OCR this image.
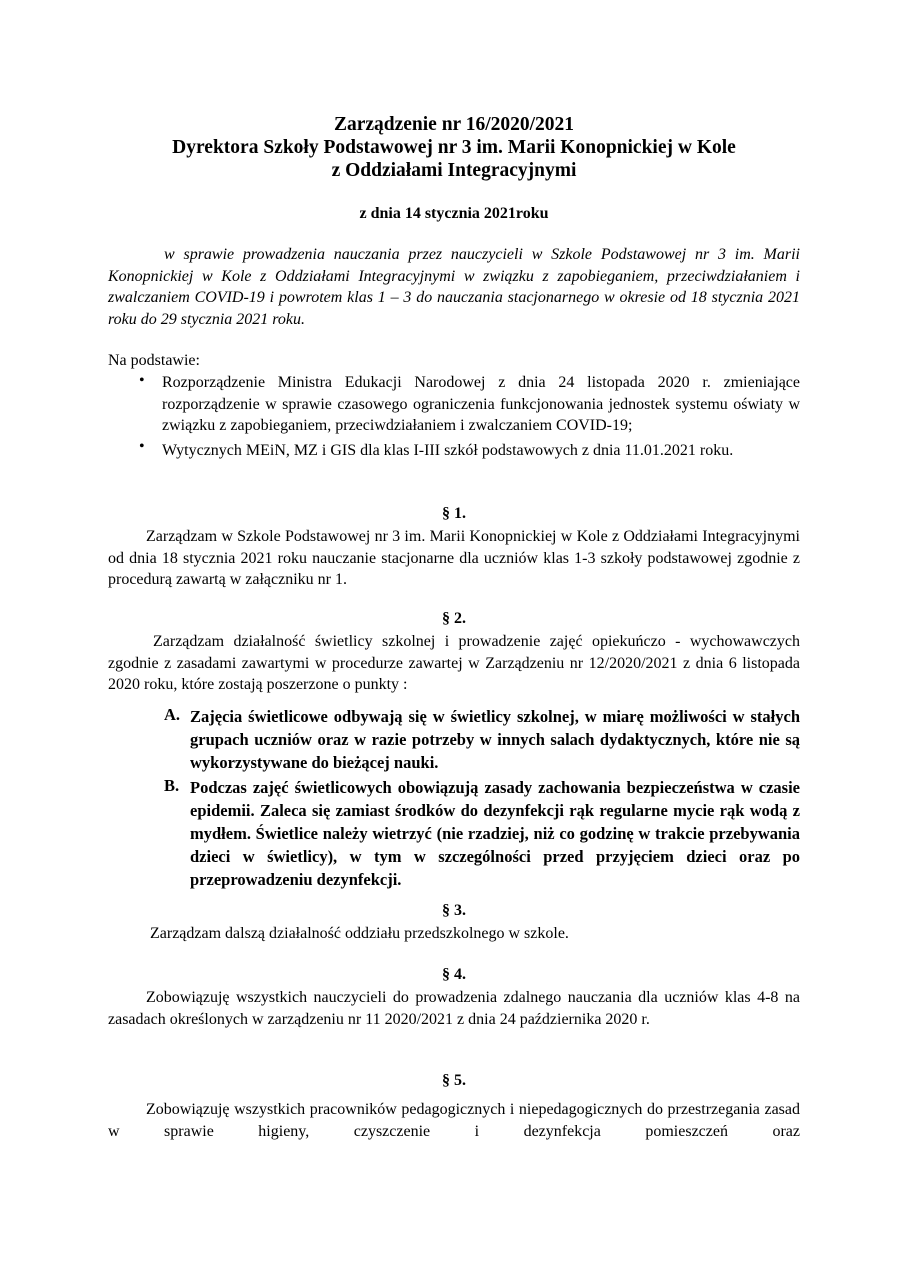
Zarządzenie nr 16/2020/2021
Dyrektora Szkoły Podstawowej nr 3 im. Marii Konopnickiej w Kole
z Oddziałami Integracyjnymi
z dnia 14 stycznia 2021roku
w sprawie prowadzenia nauczania przez nauczycieli w Szkole Podstawowej nr 3 im. Marii Konopnickiej w Kole z Oddziałami Integracyjnymi w związku z zapobieganiem, przeciwdziałaniem i zwalczaniem COVID-19 i powrotem klas 1 – 3 do nauczania stacjonarnego w okresie od 18 stycznia 2021 roku do 29 stycznia 2021 roku.
Na podstawie:
• Rozporządzenie Ministra Edukacji Narodowej z dnia 24 listopada 2020 r. zmieniające rozporządzenie w sprawie czasowego ograniczenia funkcjonowania jednostek systemu oświaty w związku z zapobieganiem, przeciwdziałaniem i zwalczaniem COVID-19;
• Wytycznych MEiN, MZ i GIS dla klas I-III szkół podstawowych z dnia 11.01.2021 roku.
§ 1.
Zarządzam w Szkole Podstawowej nr 3 im. Marii Konopnickiej w Kole z Oddziałami Integracyjnymi od dnia 18 stycznia 2021 roku nauczanie stacjonarne dla uczniów klas 1-3 szkoły podstawowej zgodnie z procedurą zawartą w załączniku nr 1.
§ 2.
Zarządzam działalność świetlicy szkolnej i prowadzenie zajęć opiekuńczo - wychowawczych zgodnie z zasadami zawartymi w procedurze zawartej w Zarządzeniu nr 12/2020/2021 z dnia 6 listopada 2020 roku, które zostają poszerzone o punkty :
A. Zajęcia świetlicowe odbywają się w świetlicy szkolnej, w miarę możliwości w stałych grupach uczniów oraz w razie potrzeby w innych salach dydaktycznych, które nie są wykorzystywane do bieżącej nauki.
B. Podczas zajęć świetlicowych obowiązują zasady zachowania bezpieczeństwa w czasie epidemii. Zaleca się zamiast środków do dezynfekcji rąk regularne mycie rąk wodą z mydłem. Świetlice należy wietrzyć (nie rzadziej, niż co godzinę w trakcie przebywania dzieci w świetlicy), w tym w szczególności przed przyjęciem dzieci oraz po przeprowadzeniu dezynfekcji.
§ 3.
Zarządzam dalszą działalność oddziału przedszkolnego w szkole.
§ 4.
Zobowiązuję wszystkich nauczycieli do prowadzenia zdalnego nauczania dla uczniów klas 4-8 na zasadach określonych w zarządzeniu nr 11 2020/2021 z dnia 24 października 2020 r.
§ 5.
Zobowiązuję wszystkich pracowników pedagogicznych i niepedagogicznych do przestrzegania zasad w sprawie higieny, czyszczenie i dezynfekcja pomieszczeń oraz
